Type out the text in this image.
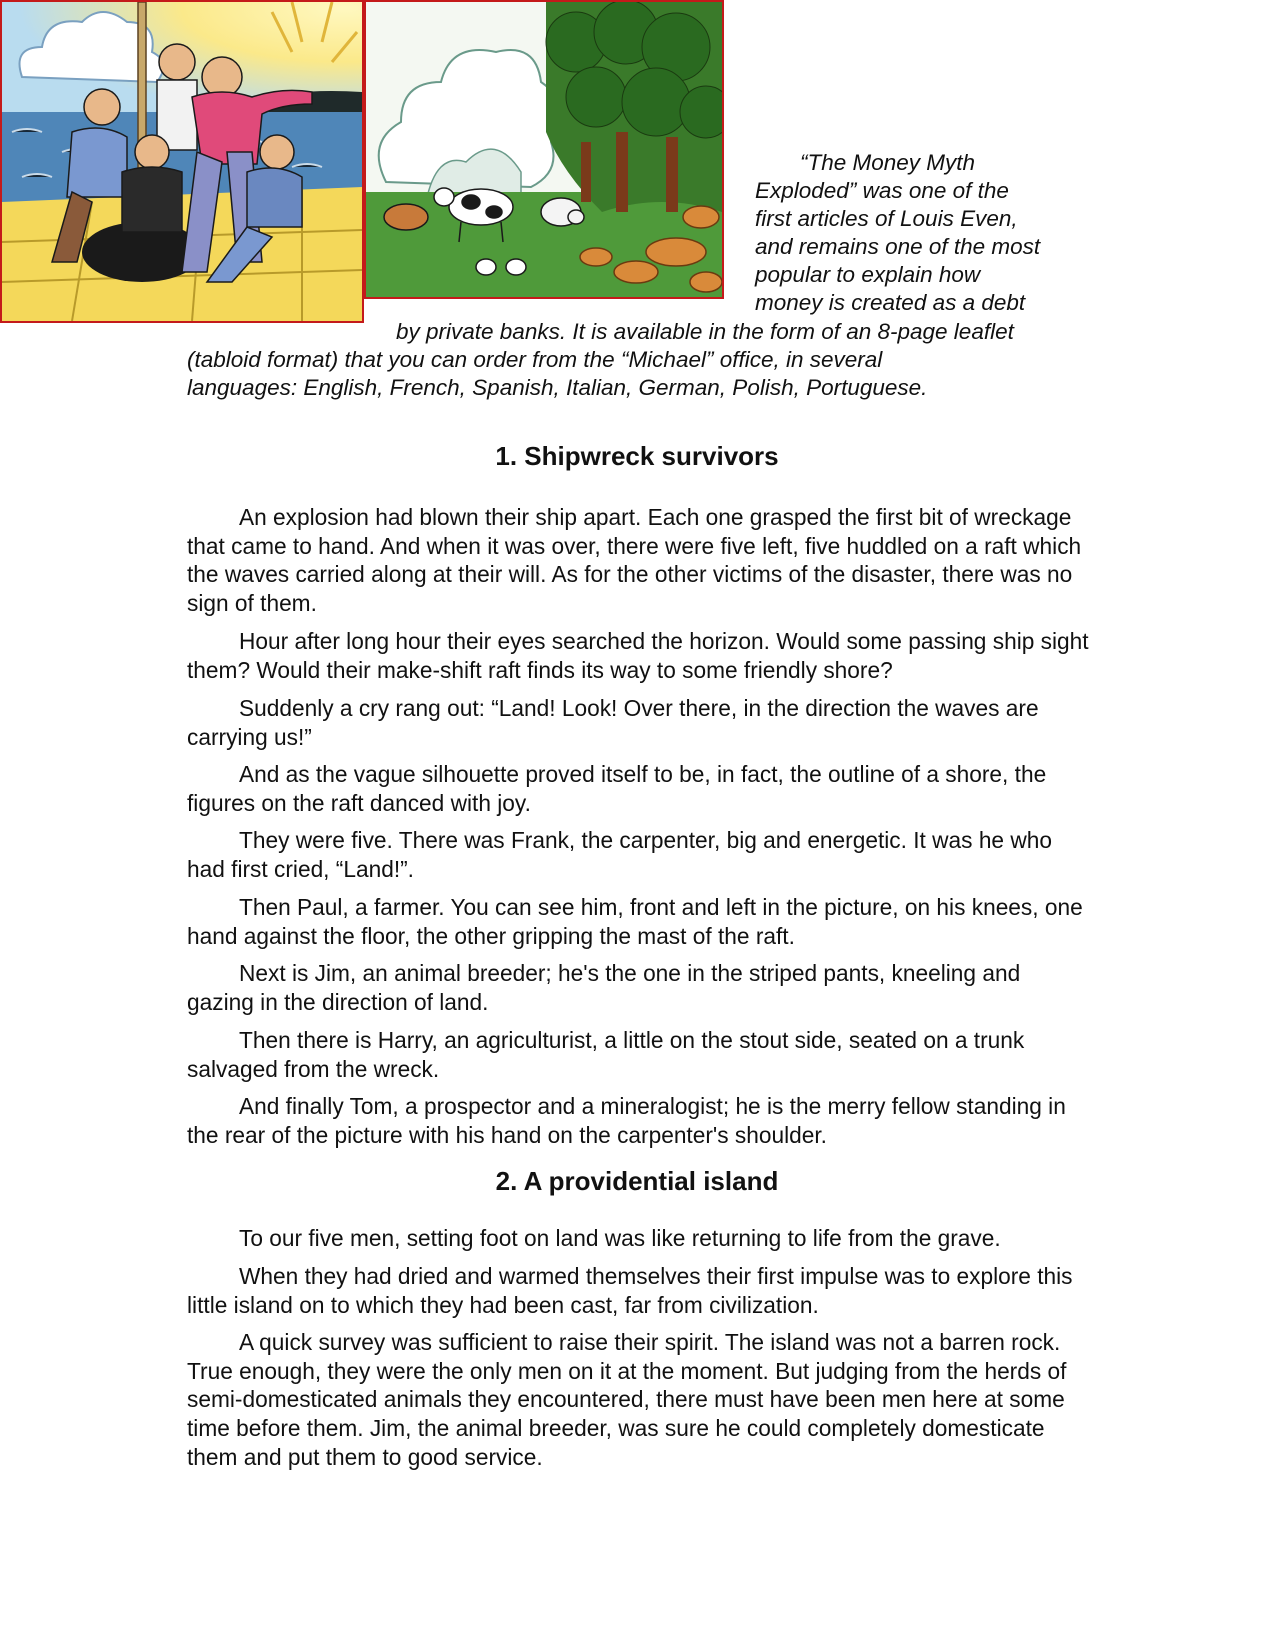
“The Money Myth
Exploded” was one of the
first articles of Louis Even,
and remains one of the most
popular to explain how
money is created as a debt
by private banks. It is available in the form of an 8-page leaflet
(tabloid format) that you can order from the “Michael” office, in several
languages: English, French, Spanish, Italian, German, Polish, Portuguese.
1. Shipwreck survivors

An explosion had blown their ship apart. Each one grasped the first bit of wreckage that came to hand. And when it was over, there were five left, five huddled on a raft which the waves carried along at their will. As for the other victims of the disaster, there was no sign of them.

Hour after long hour their eyes searched the horizon. Would some passing ship sight them? Would their make-shift raft finds its way to some friendly shore?

Suddenly a cry rang out: “Land! Look! Over there, in the direction the waves are carrying us!”

And as the vague silhouette proved itself to be, in fact, the outline of a shore, the figures on the raft danced with joy.

They were five. There was Frank, the carpenter, big and energetic. It was he who had first cried, “Land!”.

Then Paul, a farmer. You can see him, front and left in the picture, on his knees, one hand against the floor, the other gripping the mast of the raft.

Next is Jim, an animal breeder; he's the one in the striped pants, kneeling and gazing in the direction of land.

Then there is Harry, an agriculturist, a little on the stout side, seated on a trunk salvaged from the wreck.

And finally Tom, a prospector and a mineralogist; he is the merry fellow standing in the rear of the picture with his hand on the carpenter's shoulder.

2. A providential island

To our five men, setting foot on land was like returning to life from the grave.

When they had dried and warmed themselves their first impulse was to explore this little island on to which they had been cast, far from civilization.

A quick survey was sufficient to raise their spirit. The island was not a barren rock. True enough, they were the only men on it at the moment. But judging from the herds of semi-domesticated animals they encountered, there must have been men here at some time before them. Jim, the animal breeder, was sure he could completely domesticate them and put them to good service.
